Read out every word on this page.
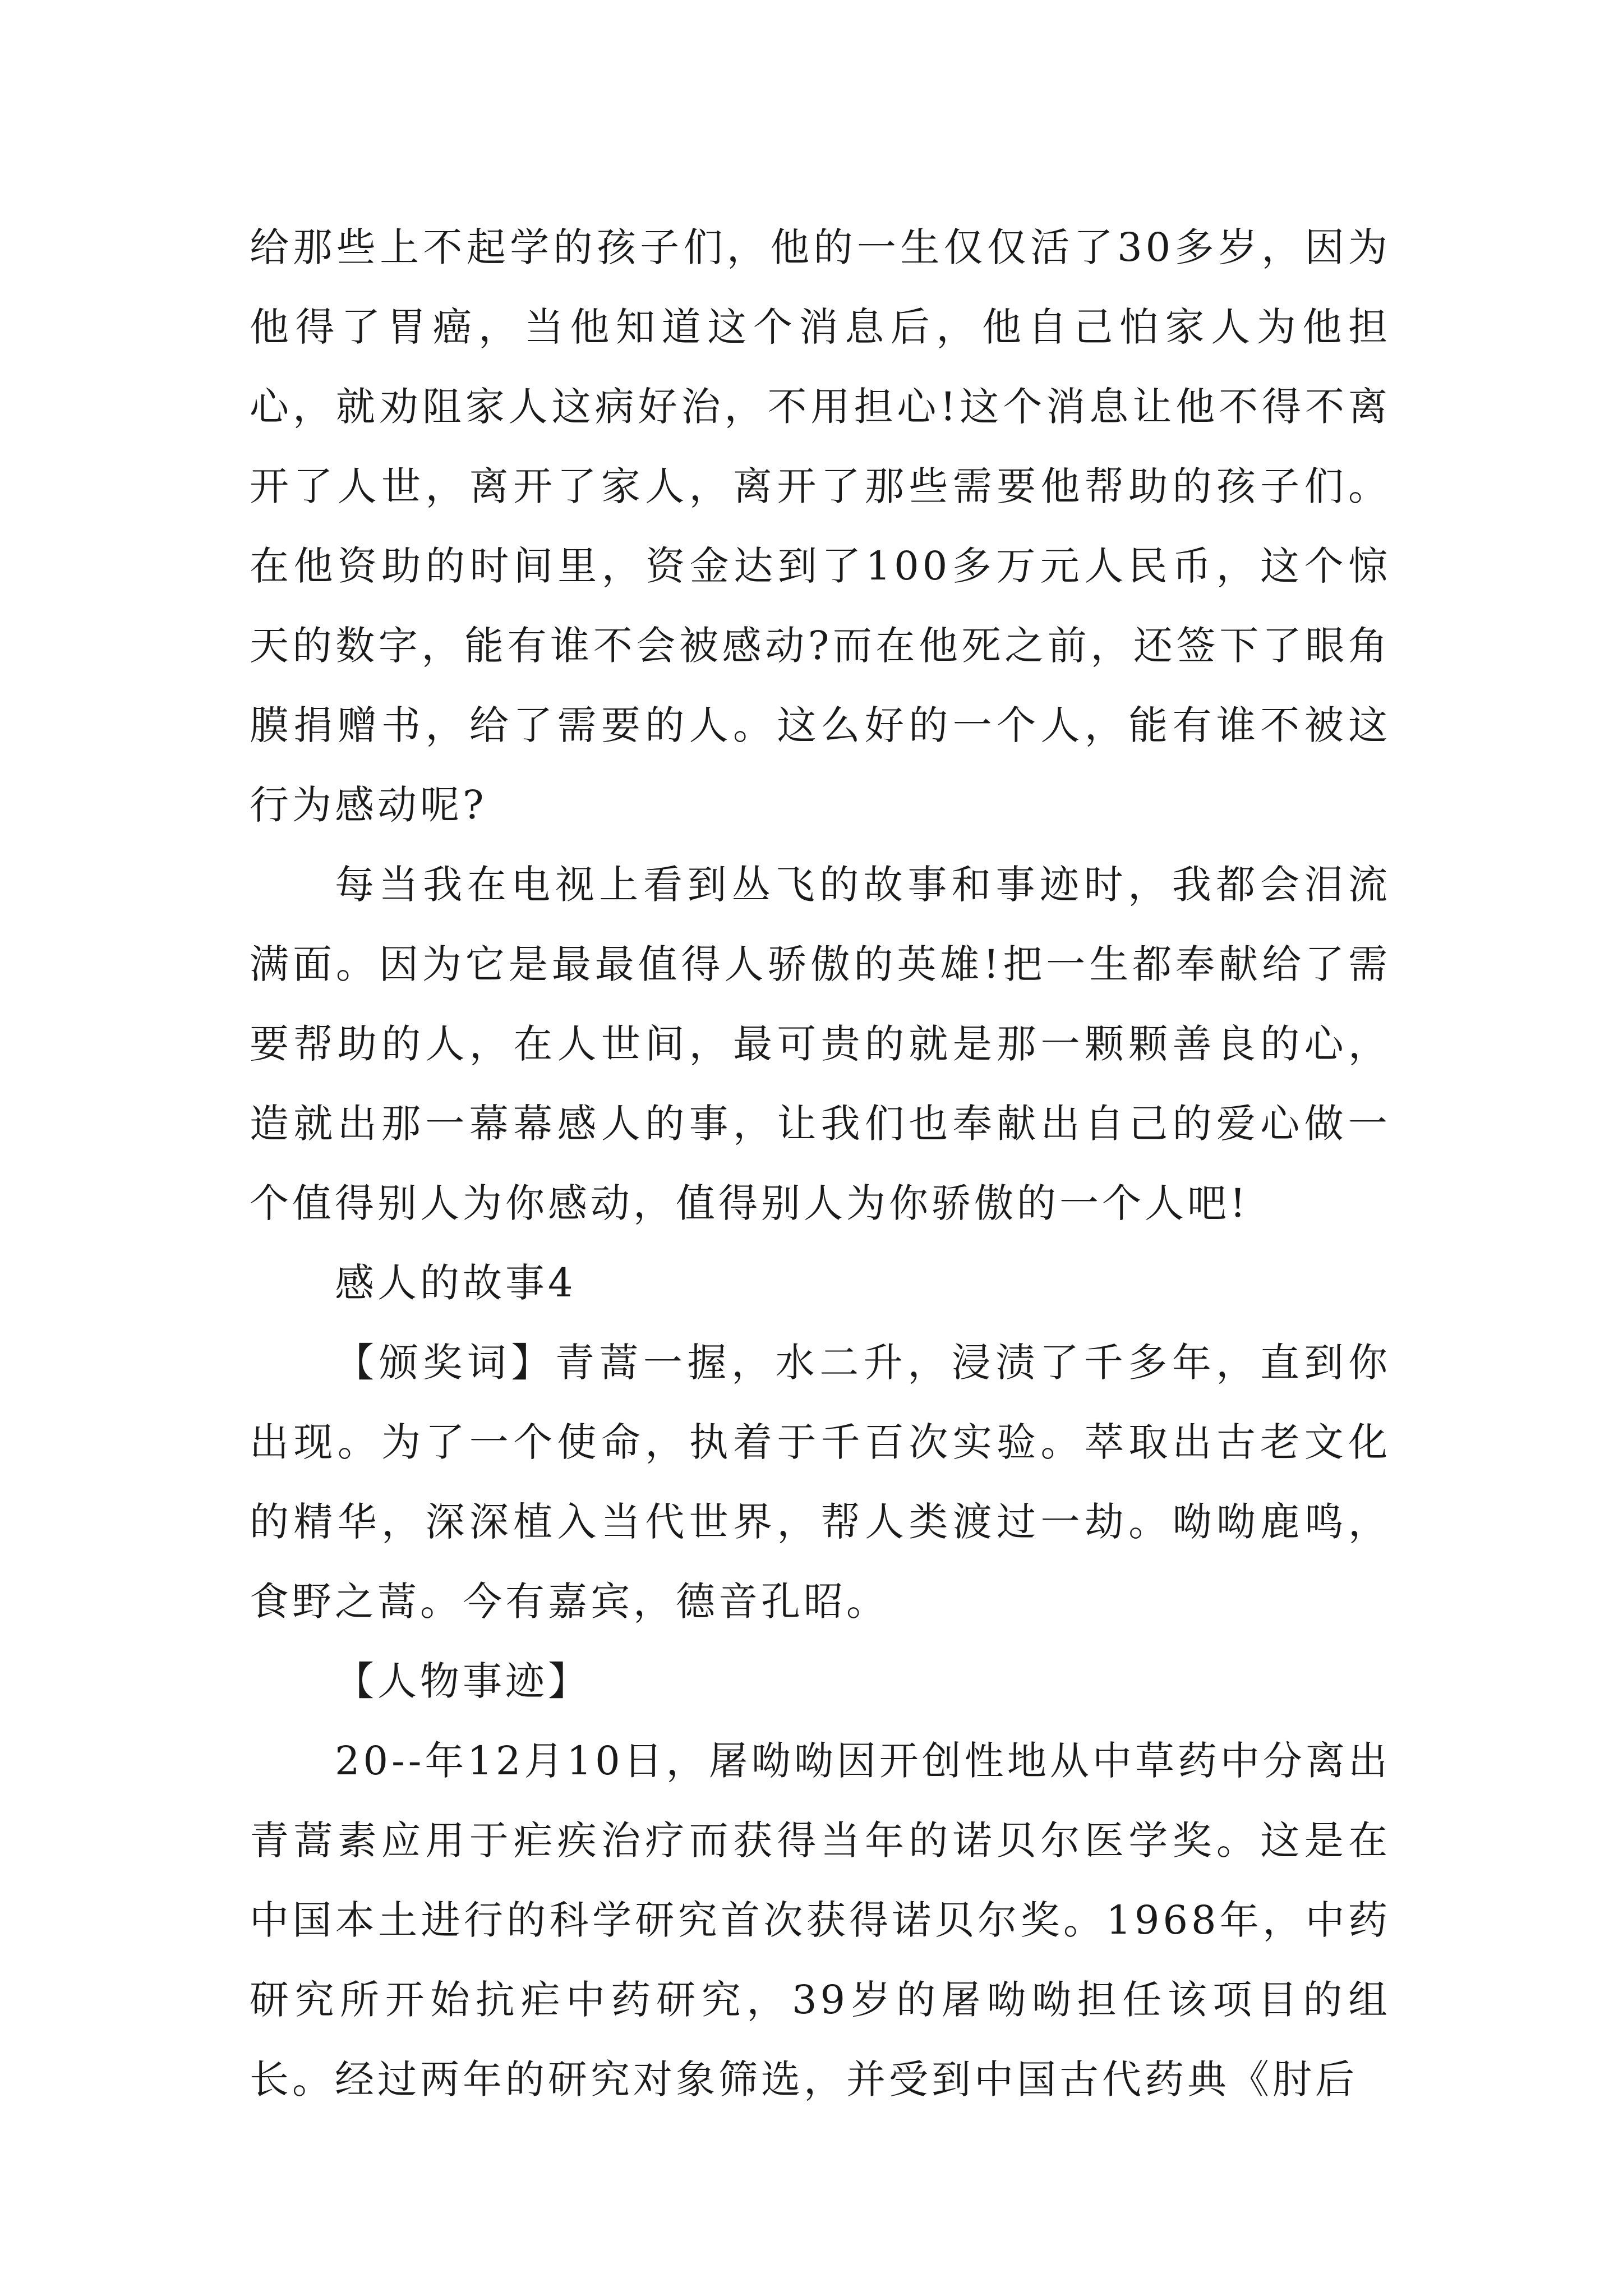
给那些上不起学的孩子们，他的一生仅仅活了30多岁，因为他得了胃癌，当他知道这个消息后，他自己怕家人为他担心，就劝阻家人这病好治，不用担心!这个消息让他不得不离开了人世，离开了家人，离开了那些需要他帮助的孩子们。在他资助的时间里，资金达到了100多万元人民币，这个惊天的数字，能有谁不会被感动?而在他死之前，还签下了眼角膜捐赠书，给了需要的人。这么好的一个人，能有谁不被这行为感动呢?

每当我在电视上看到丛飞的故事和事迹时，我都会泪流满面。因为它是最最值得人骄傲的英雄!把一生都奉献给了需要帮助的人，在人世间，最可贵的就是那一颗颗善良的心，造就出那一幕幕感人的事，让我们也奉献出自己的爱心做一个值得别人为你感动，值得别人为你骄傲的一个人吧!

感人的故事4

【颁奖词】青蒿一握，水二升，浸渍了千多年，直到你出现。为了一个使命，执着于千百次实验。萃取出古老文化的精华，深深植入当代世界，帮人类渡过一劫。呦呦鹿鸣，食野之蒿。今有嘉宾，德音孔昭。

【人物事迹】

20--年12月10日，屠呦呦因开创性地从中草药中分离出青蒿素应用于疟疾治疗而获得当年的诺贝尔医学奖。这是在中国本土进行的科学研究首次获得诺贝尔奖。1968年，中药研究所开始抗疟中药研究，39岁的屠呦呦担任该项目的组长。经过两年的研究对象筛选，并受到中国古代药典《肘后
